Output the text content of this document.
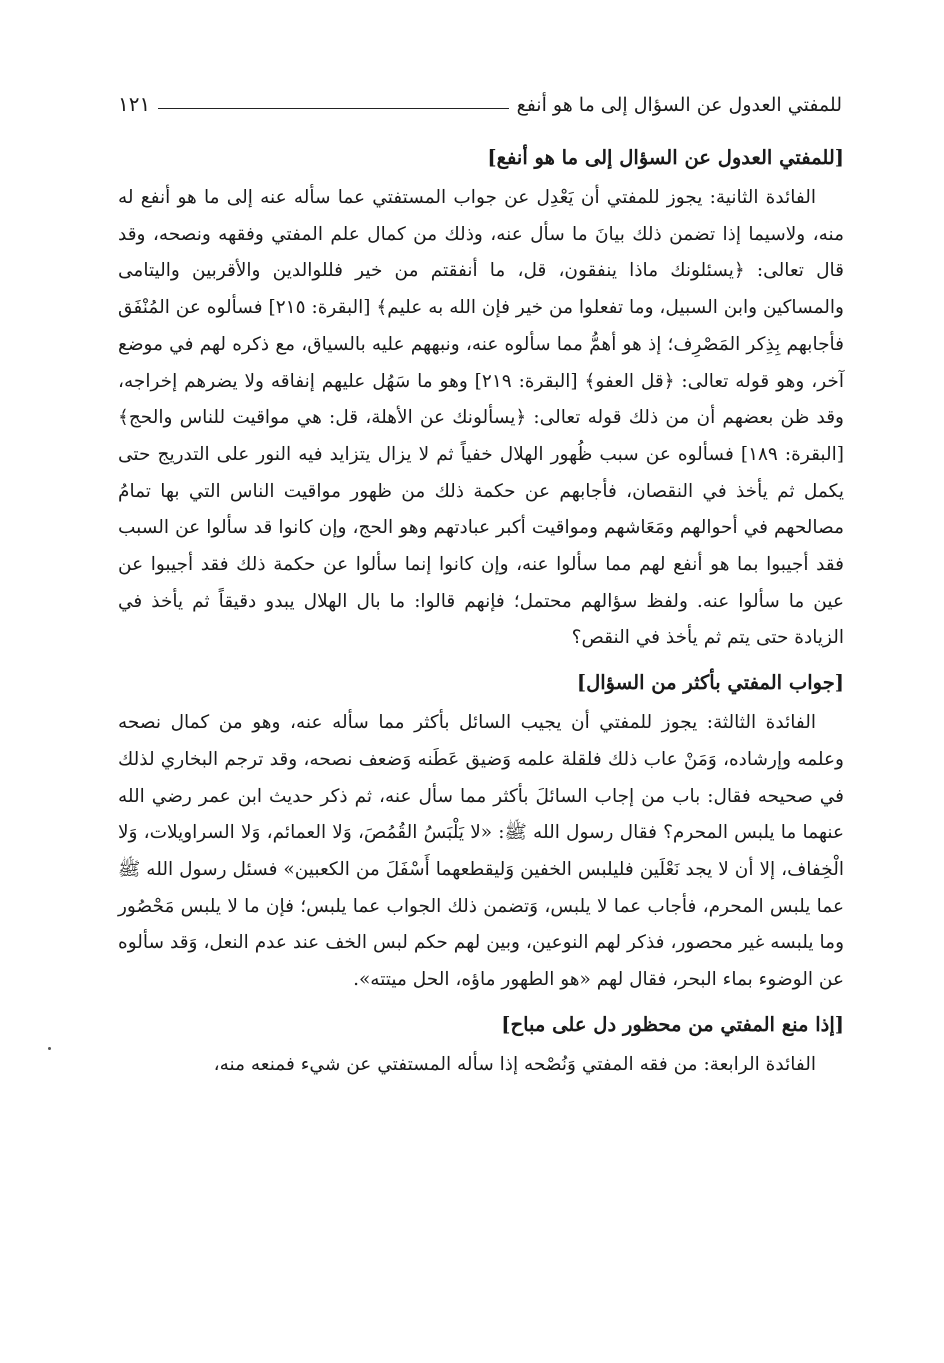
للمفتي العدول عن السؤال إلى ما هو أنفع
١٢١
[للمفتي العدول عن السؤال إلى ما هو أنفع]

الفائدة الثانية: يجوز للمفتي أن يَعْدِل عن جواب المستفتي عما سأله عنه إلى ما هو أنفع له منه، ولاسيما إذا تضمن ذلك بيانَ ما سأل عنه، وذلك من كمال علم المفتي وفقهه ونصحه، وقد قال تعالى: ﴿يسئلونك ماذا ينفقون، قل، ما أنفقتم من خير فللوالدين والأقربين واليتامى والمساكين وابن السبيل، وما تفعلوا من خير فإن الله به عليم﴾ [البقرة: ٢١٥] فسألوه عن المُنْفَق فأجابهم بِذِكر المَصْرِف؛ إذ هو أهمُّ مما سألوه عنه، ونبههم عليه بالسياق، مع ذكره لهم في موضع آخر، وهو قوله تعالى: ﴿قل العفو﴾ [البقرة: ٢١٩] وهو ما سَهُل عليهم إنفاقه ولا يضرهم إخراجه، وقد ظن بعضهم أن من ذلك قوله تعالى: ﴿يسألونك عن الأهلة، قل: هي مواقيت للناس والحج﴾ [البقرة: ١٨٩] فسألوه عن سبب ظُهور الهلال خفياً ثم لا يزال يتزايد فيه النور على التدريج حتى يكمل ثم يأخذ في النقصان، فأجابهم عن حكمة ذلك من ظهور مواقيت الناس التي بها تمامُ مصالحهم في أحوالهم ومَعَاشهم ومواقيت أكبر عبادتهم وهو الحج، وإن كانوا قد سألوا عن السبب فقد أجيبوا بما هو أنفع لهم مما سألوا عنه، وإن كانوا إنما سألوا عن حكمة ذلك فقد أجيبوا عن عين ما سألوا عنه. ولفظ سؤالهم محتمل؛ فإنهم قالوا: ما بال الهلال يبدو دقيقاً ثم يأخذ في الزيادة حتى يتم ثم يأخذ في النقص؟

[جواب المفتي بأكثر من السؤال]

الفائدة الثالثة: يجوز للمفتي أن يجيب السائل بأكثر مما سأله عنه، وهو من كمال نصحه وعلمه وإرشاده، وَمَنْ عاب ذلك فلقلة علمه وَضيق عَطَنه وَضعف نصحه، وقد ترجم البخاري لذلك في صحيحه فقال: باب من إجاب السائلَ بأكثر مما سأل عنه، ثم ذكر حديث ابن عمر رضي الله عنهما ما يلبس المحرم؟ فقال رسول الله ﷺ: «لا يَلْبَسُ القُمُصَ، وَلا العمائم، وَلا السراويلات، وَلا الْخِفاف، إلا أن لا يجد نَعْلَين فليلبس الخفين وَليقطعهما أَسْفَلَ من الكعبين» فسئل رسول الله ﷺ عما يلبس المحرم، فأجاب عما لا يلبس، وَتضمن ذلك الجواب عما يلبس؛ فإن ما لا يلبس مَحْصُور وما يلبسه غير محصور، فذكر لهم النوعين، وبين لهم حكم لبس الخف عند عدم النعل، وَقد سألوه عن الوضوء بماء البحر، فقال لهم «هو الطهور ماؤه، الحل ميتته».

[إذا منع المفتي من محظور دل على مباح]

الفائدة الرابعة: من فقه المفتي وَنُصْحه إذا سأله المستفتي عن شيء فمنعه منه،
